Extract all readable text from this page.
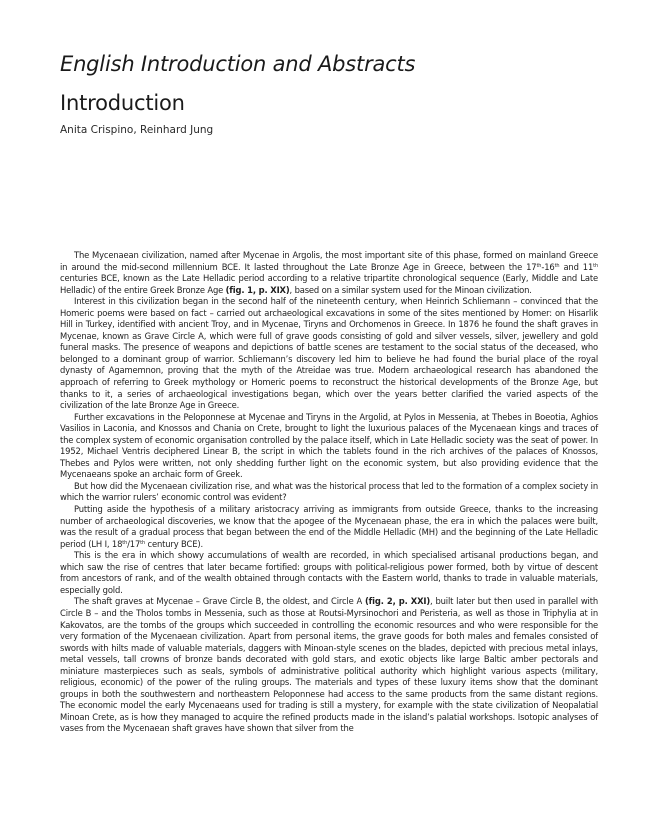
English Introduction and Abstracts
Introduction

Anita Crispino, Reinhard Jung

The Mycenaean civilization, named after Mycenae in Argolis, the most important site of this phase, formed on mainland Greece in around the mid-second millennium BCE. It lasted throughout the Late Bronze Age in Greece, between the 17th-16th and 11th centuries BCE, known as the Late Helladic period according to a relative tripartite chronological sequence (Early, Middle and Late Helladic) of the entire Greek Bronze Age (fig. 1, p. XIX), based on a similar system used for the Minoan civilization.

Interest in this civilization began in the second half of the nineteenth century, when Heinrich Schliemann – convinced that the Homeric poems were based on fact – carried out archaeological excavations in some of the sites mentioned by Homer: on Hisarlik Hill in Turkey, identified with ancient Troy, and in Mycenae, Tiryns and Orchomenos in Greece. In 1876 he found the shaft graves in Mycenae, known as Grave Circle A, which were full of grave goods consisting of gold and silver vessels, silver, jewellery and gold funeral masks. The presence of weapons and depictions of battle scenes are testament to the social status of the deceased, who belonged to a dominant group of warrior. Schliemann’s discovery led him to believe he had found the burial place of the royal dynasty of Agamemnon, proving that the myth of the Atreidae was true. Modern archaeological research has abandoned the approach of referring to Greek mythology or Homeric poems to reconstruct the historical developments of the Bronze Age, but thanks to it, a series of archaeological investigations began, which over the years better clarified the varied aspects of the civilization of the late Bronze Age in Greece.

Further excavations in the Peloponnese at Mycenae and Tiryns in the Argolid, at Pylos in Messenia, at Thebes in Boeotia, Aghios Vasilios in Laconia, and Knossos and Chania on Crete, brought to light the luxurious palaces of the Mycenaean kings and traces of the complex system of economic organisation controlled by the palace itself, which in Late Helladic society was the seat of power. In 1952, Michael Ventris deciphered Linear B, the script in which the tablets found in the rich archives of the palaces of Knossos, Thebes and Pylos were written, not only shedding further light on the economic system, but also providing evidence that the Mycenaeans spoke an archaic form of Greek.

But how did the Mycenaean civilization rise, and what was the historical process that led to the formation of a complex society in which the warrior rulers’ economic control was evident?

Putting aside the hypothesis of a military aristocracy arriving as immigrants from outside Greece, thanks to the increasing number of archaeological discoveries, we know that the apogee of the Mycenaean phase, the era in which the palaces were built, was the result of a gradual process that began between the end of the Middle Helladic (MH) and the beginning of the Late Helladic period (LH I, 18th/17th century BCE).

This is the era in which showy accumulations of wealth are recorded, in which specialised artisanal productions began, and which saw the rise of centres that later became fortified: groups with political-religious power formed, both by virtue of descent from ancestors of rank, and of the wealth obtained through contacts with the Eastern world, thanks to trade in valuable materials, especially gold.

The shaft graves at Mycenae – Grave Circle B, the oldest, and Circle A (fig. 2, p. XXI), built later but then used in parallel with Circle B – and the Tholos tombs in Messenia, such as those at Routsi-Myrsinochori and Peristeria, as well as those in Triphylia at in Kakovatos, are the tombs of the groups which succeeded in controlling the economic resources and who were responsible for the very formation of the Mycenaean civilization. Apart from personal items, the grave goods for both males and females consisted of swords with hilts made of valuable materials, daggers with Minoan-style scenes on the blades, depicted with precious metal inlays, metal vessels, tall crowns of bronze bands decorated with gold stars, and exotic objects like large Baltic amber pectorals and miniature masterpieces such as seals, symbols of administrative political authority which highlight various aspects (military, religious, economic) of the power of the ruling groups. The materials and types of these luxury items show that the dominant groups in both the southwestern and northeastern Peloponnese had access to the same products from the same distant regions. The economic model the early Mycenaeans used for trading is still a mystery, for example with the state civilization of Neopalatial Minoan Crete, as is how they managed to acquire the refined products made in the island’s palatial workshops. Isotopic analyses of vases from the Mycenaean shaft graves have shown that silver from the
